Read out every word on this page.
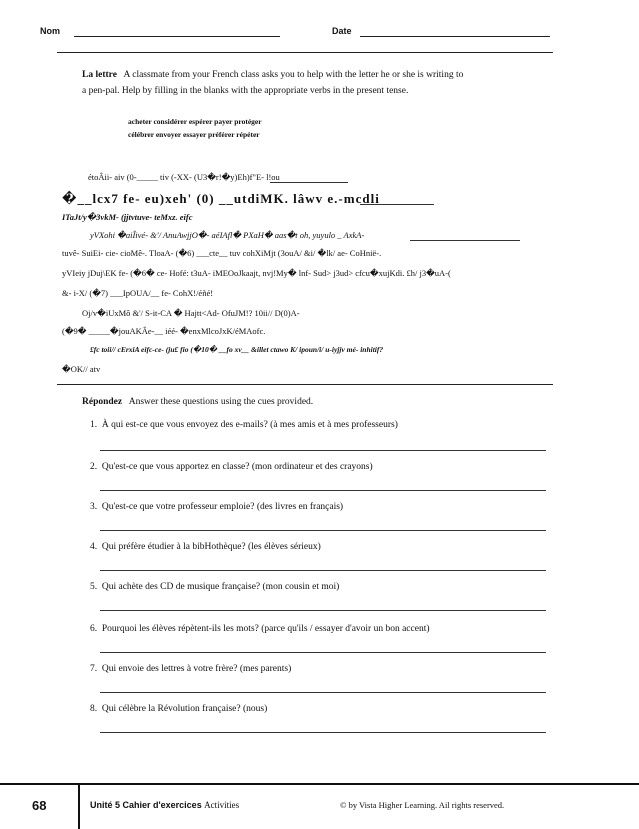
Nom	Date
La lettre A classmate from your French class asks you to help with the letter he or she is writing to
a pen-pal. Help by filling in the blanks with the appropriate verbs in the present tense.
acheter considérer espérer payer protéger
célébrer envoyer essayer préférer répéter
étoÂii- aiv (0-_____ tiv (-XX- (U3�r!�y)Eh)f"E- l!ou
�__lcx7 fe- eu)xeh' (0) __utdiMK. lâwv e.-mcdli
ITaJt/y�3vkM- (jjtvtuve- teMxz. eifc
yVXohi �aiÎivé- &'/ AnuAwjjO�- aéIAfl� PXaH� aas�t oh, yuyulo _ AxkA-
tuvê- SuiEi- cie- cioMê-. TloaA- (�6) ___cte__ tuv cohXiMjt (3ouA/ &i/ �lk/ ae- CoHnië-.
yVIeiy jDuj\EK fe- (�6� ce- Hofé: t3uA- iMEOoJkaajt, nvj!My� lnf- Sud> j3ud> cfcu�xujKdi. £h/ j3�uA-(
&- i-X/ (�7) ___IpOUA/__ fe- CohX!/éñé!
Oj/v�iUxMô &'/ S-it-CA � Hajtt<Ad- OfuJM!? 10ii// D(0)A-
(�9� _____�jouAKÂe-__ iéé- �enxMlcoJxK/éMAofc.
£fc toii// cErxiA eifc-ce- (ju£ fio (�10� __fo xv__ &illet ctawo K/ ipoun/i/ u-iyjjv mé- inhitif?
�OK// atv
Répondez Answer these questions using the cues provided.
1. À qui est-ce que vous envoyez des e-mails? (à mes amis et à mes professeurs)
2. Qu'est-ce que vous apportez en classe? (mon ordinateur et des crayons)
3. Qu'est-ce que votre professeur emploie? (des livres en français)
4. Qui préfère étudier à la bibHothèque? (les élèves sérieux)
5. Qui achète des CD de musique française? (mon cousin et moi)
6. Pourquoi les élèves répètent-ils les mots? (parce qu'ils / essayer d'avoir un bon accent)
7. Qui envoie des lettres à votre frère? (mes parents)
8. Qui célèbre la Révolution française? (nous)
68	Unité 5 Cahier d'exercices Activities	© by Vista Higher Learning. Ail rights reserved.
